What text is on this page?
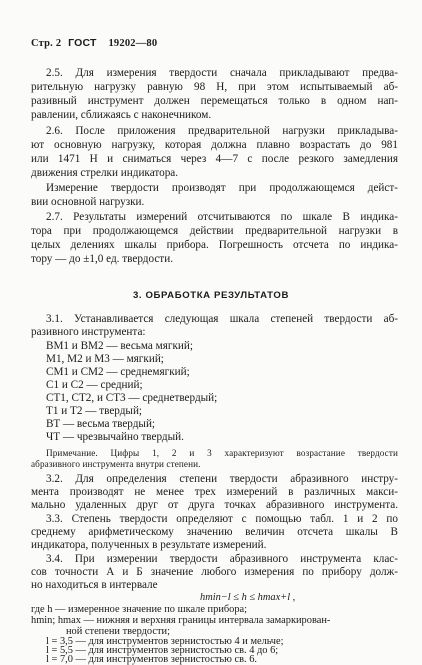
Стр. 2 ГОСТ 19202—80
2.5. Для измерения твердости сначала прикладывают предва-
рительную нагрузку равную 98 Н, при этом испытываемый аб-
разивный инструмент должен перемещаться только в одном нап-
равлении, сближаясь с наконечником.
2.6. После приложения предварительной нагрузки прикладыва-
ют основную нагрузку, которая должна плавно возрастать до 981
или 1471 Н и сниматься через 4—7 с после резкого замедления
движения стрелки индикатора.
Измерение твердости производят при продолжающемся дейст-
вии основной нагрузки.
2.7. Результаты измерений отсчитываются по шкале В индика-
тора при продолжающемся действии предварительной нагрузки в
целых делениях шкалы прибора. Погрешность отсчета по индика-
тору — до ±1,0 ед. твердости.
3. ОБРАБОТКА РЕЗУЛЬТАТОВ
3.1. Устанавливается следующая шкала степеней твердости аб-
разивного инструмента:
ВМ1 и ВМ2 — весьма мягкий;
М1, М2 и М3 — мягкий;
СМ1 и СМ2 — среднемягкий;
С1 и С2 — средний;
СТ1, СТ2, и СТ3 — среднетвердый;
Т1 и Т2 — твердый;
ВТ — весьма твердый;
ЧТ — чрезвычайно твердый.
Примечание. Цифры 1, 2 и 3 характеризуют возрастание твердости
абразивного инструмента внутри степени.
3.2. Для определения степени твердости абразивного инстру-
мента производят не менее трех измерений в различных макси-
мально удаленных друг от друга точках абразивного инструмента.
3.3. Степень твердости определяют с помощью табл. 1 и 2 по
среднему арифметическому значению величин отсчета шкалы В
индикатора, полученных в результате измерений.
3.4. При измерении твердости абразивного инструмента клас-
сов точности А и Б значение любого измерения по прибору долж-
но находиться в интервале
hmin−l ≤ h ≤ hmax+l ,
где h — измеренное значение по шкале прибора;
hmin; hmax — нижняя и верхняя границы интервала замаркирован-
ной степени твердости;
l = 3,5 — для инструментов зернистостью 4 и мельче;
l = 5,5 — для инструментов зернистостью св. 4 до 6;
l = 7,0 — для инструментов зернистостью св. 6.
